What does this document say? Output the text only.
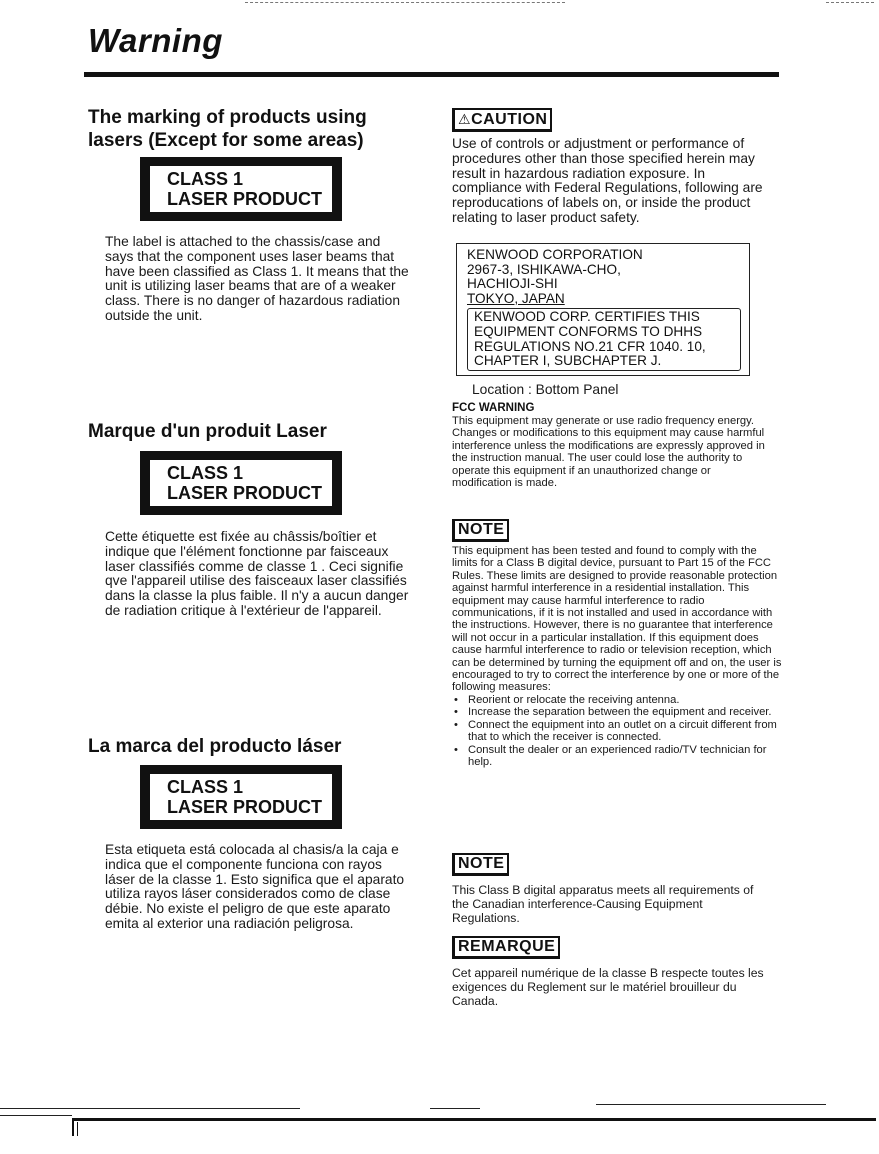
Warning
The marking of products using lasers (Except for some areas)
CLASS 1
LASER PRODUCT
The label is attached to the chassis/case and says that the component uses laser beams that have been classified as Class 1. It means that the unit is utilizing laser beams that are of a weaker class. There is no danger of hazardous radiation outside the unit.
Marque d'un produit Laser
CLASS 1
LASER PRODUCT
Cette étiquette est fixée au châssis/boîtier et indique que l'élément fonctionne par faisceaux laser classifiés comme de classe 1 . Ceci signifie qve l'appareil utilise des faisceaux laser classifiés dans la classe la plus faible. Il n'y a aucun danger de radiation critique à l'extérieur de l'appareil.
La marca del producto láser
CLASS 1
LASER PRODUCT
Esta etiqueta está colocada al chasis/a la caja e indica que el componente funciona con rayos láser de la classe 1. Esto significa que el aparato utiliza rayos láser considerados como de clase débie. No existe el peligro de que este aparato emita al exterior una radiación peligrosa.
⚠CAUTION
Use of controls or adjustment or performance of procedures other than those specified herein may result in hazardous radiation exposure. In compliance with Federal Regulations, following are reproducations of labels on, or inside the product relating to laser product safety.
KENWOOD CORPORATION
2967-3, ISHIKAWA-CHO,
HACHIOJI-SHI
TOKYO, JAPAN
KENWOOD CORP. CERTIFIES THIS
EQUIPMENT CONFORMS TO DHHS
REGULATIONS NO.21 CFR 1040. 10,
CHAPTER I, SUBCHAPTER J.
Location : Bottom Panel
FCC WARNING
This equipment may generate or use radio frequency energy. Changes or modifications to this equipment may cause harmful interference unless the modifications are expressly approved in the instruction manual. The user could lose the authority to operate this equipment if an unauthorized change or modification is made.
NOTE
This equipment has been tested and found to comply with the limits for a Class B digital device, pursuant to Part 15 of the FCC Rules. These limits are designed to provide reasonable protection against harmful interference in a residential installation. This equipment may cause harmful interference to radio communications, if it is not installed and used in accordance with the instructions. However, there is no guarantee that interference will not occur in a particular installation. If this equipment does cause harmful interference to radio or television reception, which can be determined by turning the equipment off and on, the user is encouraged to try to correct the interference by one or more of the following measures:
• Reorient or relocate the receiving antenna.
• Increase the separation between the equipment and receiver.
• Connect the equipment into an outlet on a circuit different from that to which the receiver is connected.
• Consult the dealer or an experienced radio/TV technician for help.
NOTE
This Class B digital apparatus meets all requirements of the Canadian interference-Causing Equipment Regulations.
REMARQUE
Cet appareil numérique de la classe B respecte toutes les exigences du Reglement sur le matériel brouilleur du Canada.
